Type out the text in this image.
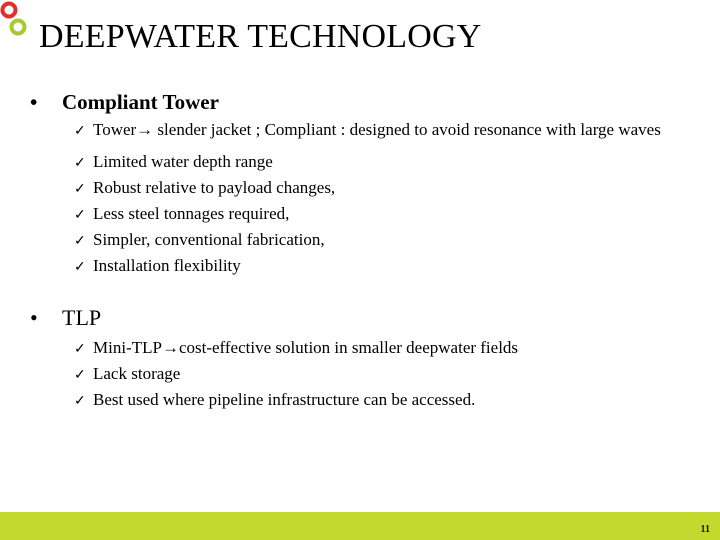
DEEPWATER TECHNOLOGY
•	Compliant Tower
✓ Tower→ slender jacket ; Compliant : designed to avoid resonance with large waves
✓ Limited water depth range
✓ Robust relative to payload changes,
✓ Less steel tonnages required,
✓ Simpler, conventional fabrication,
✓ Installation flexibility
•	TLP
✓ Mini-TLP→cost-effective solution in smaller deepwater fields
✓ Lack storage
✓ Best used where pipeline infrastructure can be accessed.
11
